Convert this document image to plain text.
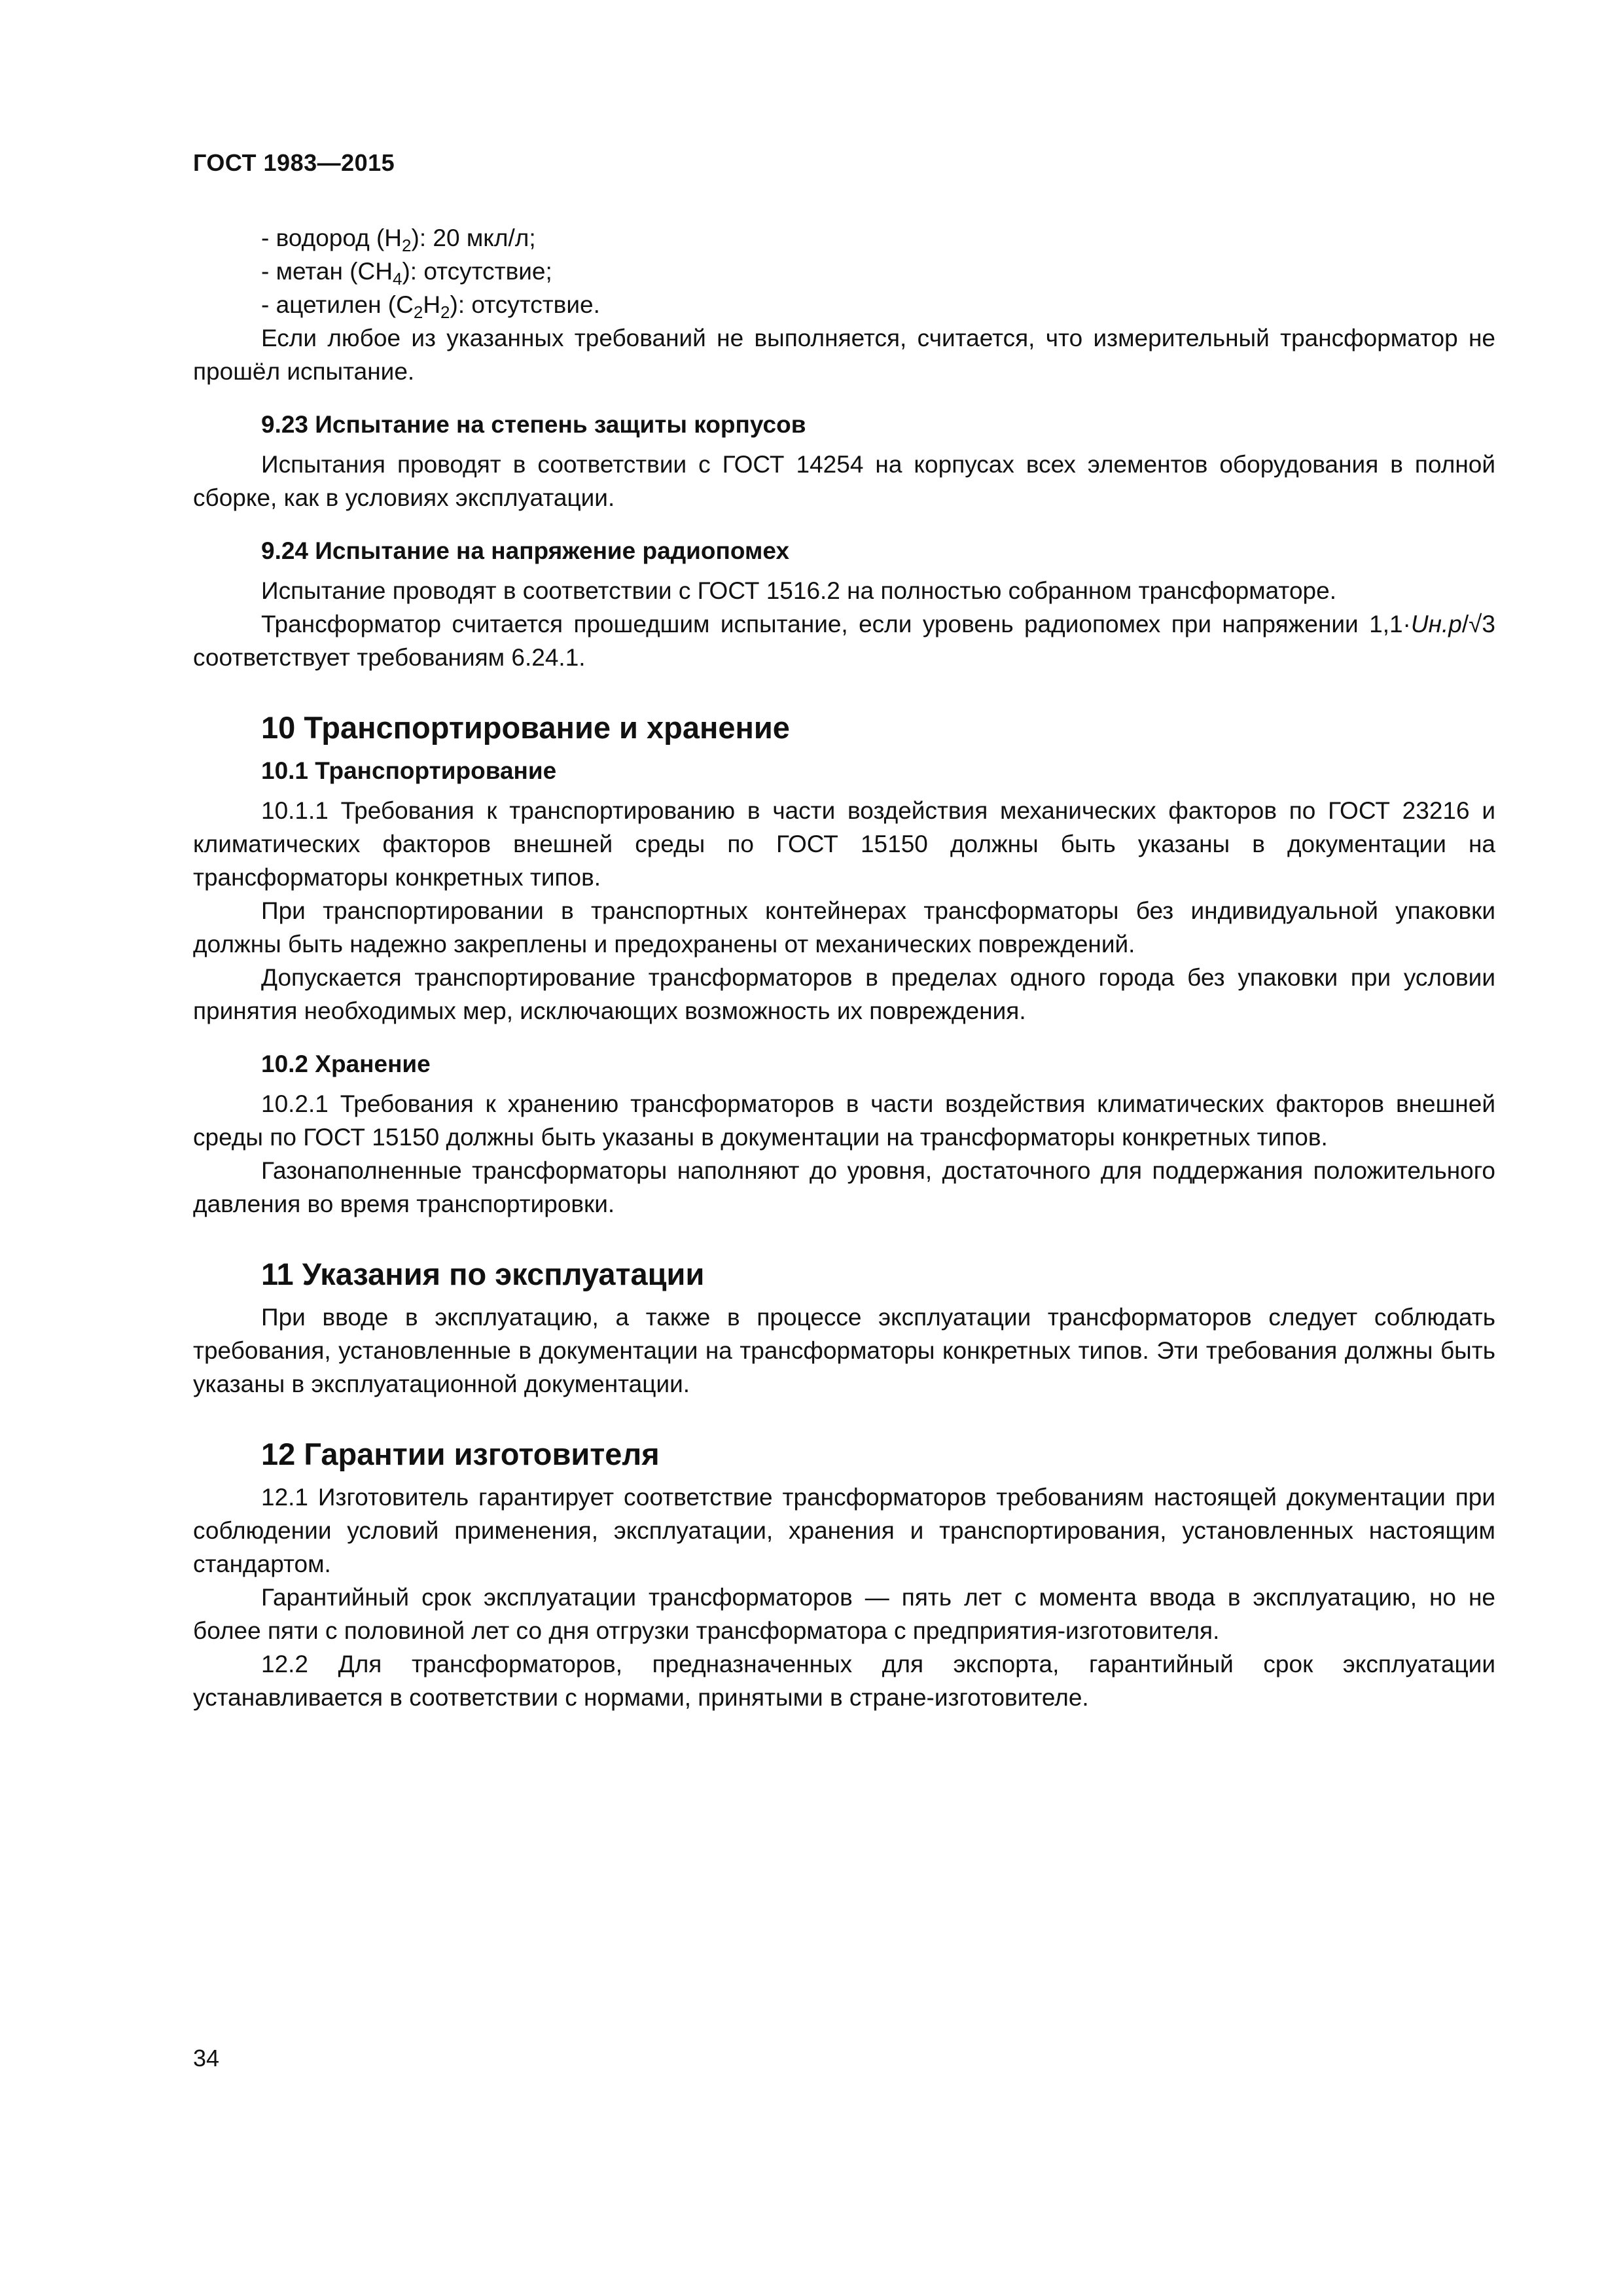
ГОСТ 1983—2015

- водород $(Н_2)$: 20 мкл/л;

- метан $(СН_4)$: отсутствие;

- ацетилен $(С_2Н_2)$: отсутствие.

Если любое из указанных требований не выполняется, считается, что измерительный трансформатор не прошёл испытание.

9.23 Испытание на степень защиты корпусов

Испытания проводят в соответствии с ГОСТ 14254 на корпусах всех элементов оборудования в полной сборке, как в условиях эксплуатации.

9.24 Испытание на напряжение радиопомех

Испытание проводят в соответствии с ГОСТ 1516.2 на полностью собранном трансформаторе.

Трансформатор считается прошедшим испытание, если уровень радиопомех при напряжении 1,1·Uн.р/√3 соответствует требованиям 6.24.1.

10 Транспортирование и хранение
10.1 Транспортирование

10.1.1 Требования к транспортированию в части воздействия механических факторов по ГОСТ 23216 и климатических факторов внешней среды по ГОСТ 15150 должны быть указаны в документации на трансформаторы конкретных типов.

При транспортировании в транспортных контейнерах трансформаторы без индивидуальной упаковки должны быть надежно закреплены и предохранены от механических повреждений.

Допускается транспортирование трансформаторов в пределах одного города без упаковки при условии принятия необходимых мер, исключающих возможность их повреждения.

10.2 Хранение

10.2.1 Требования к хранению трансформаторов в части воздействия климатических факторов внешней среды по ГОСТ 15150 должны быть указаны в документации на трансформаторы конкретных типов.

Газонаполненные трансформаторы наполняют до уровня, достаточного для поддержания положительного давления во время транспортировки.

11 Указания по эксплуатации

При вводе в эксплуатацию, а также в процессе эксплуатации трансформаторов следует соблюдать требования, установленные в документации на трансформаторы конкретных типов. Эти требования должны быть указаны в эксплуатационной документации.

12 Гарантии изготовителя

12.1 Изготовитель гарантирует соответствие трансформаторов требованиям настоящей документации при соблюдении условий применения, эксплуатации, хранения и транспортирования, установленных настоящим стандартом.

Гарантийный срок эксплуатации трансформаторов — пять лет с момента ввода в эксплуатацию, но не более пяти с половиной лет со дня отгрузки трансформатора с предприятия-изготовителя.

12.2 Для трансформаторов, предназначенных для экспорта, гарантийный срок эксплуатации устанавливается в соответствии с нормами, принятыми в стране-изготовителе.

34
